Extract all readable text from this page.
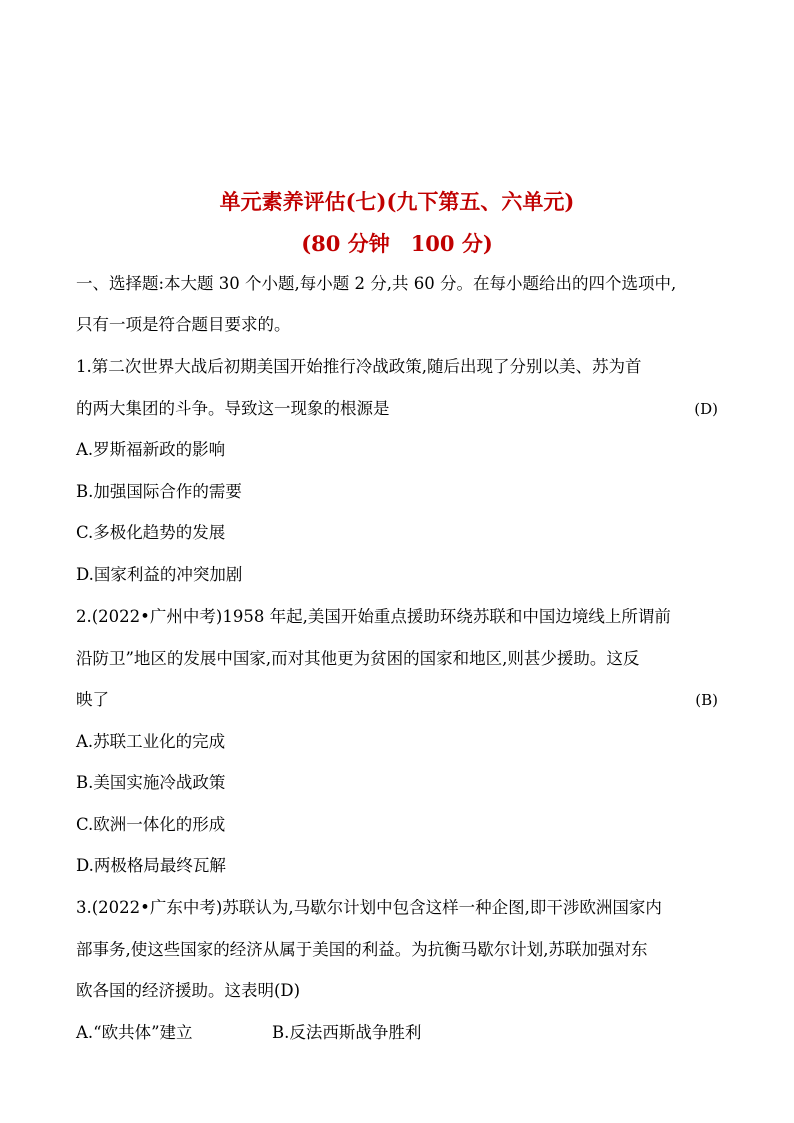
单元素养评估(七)(九下第五、六单元)
(80 分钟　100 分)
一、选择题:本大题 30 个小题,每小题 2 分,共 60 分。在每小题给出的四个选项中,
只有一项是符合题目要求的。
1.第二次世界大战后初期美国开始推行冷战政策,随后出现了分别以美、苏为首
的两大集团的斗争。导致这一现象的根源是	(D)
A.罗斯福新政的影响
B.加强国际合作的需要
C.多极化趋势的发展
D.国家利益的冲突加剧
2.(2022•广州中考)1958 年起,美国开始重点援助环绕苏联和中国边境线上所谓前
沿防卫”地区的发展中国家,而对其他更为贫困的国家和地区,则甚少援助。这反
映了	(B)
A.苏联工业化的完成
B.美国实施冷战政策
C.欧洲一体化的形成
D.两极格局最终瓦解
3.(2022•广东中考)苏联认为,马歇尔计划中包含这样一种企图,即干涉欧洲国家内
部事务,使这些国家的经济从属于美国的利益。为抗衡马歇尔计划,苏联加强对东
欧各国的经济援助。这表明(D)
A.“欧共体”建立	B.反法西斯战争胜利
